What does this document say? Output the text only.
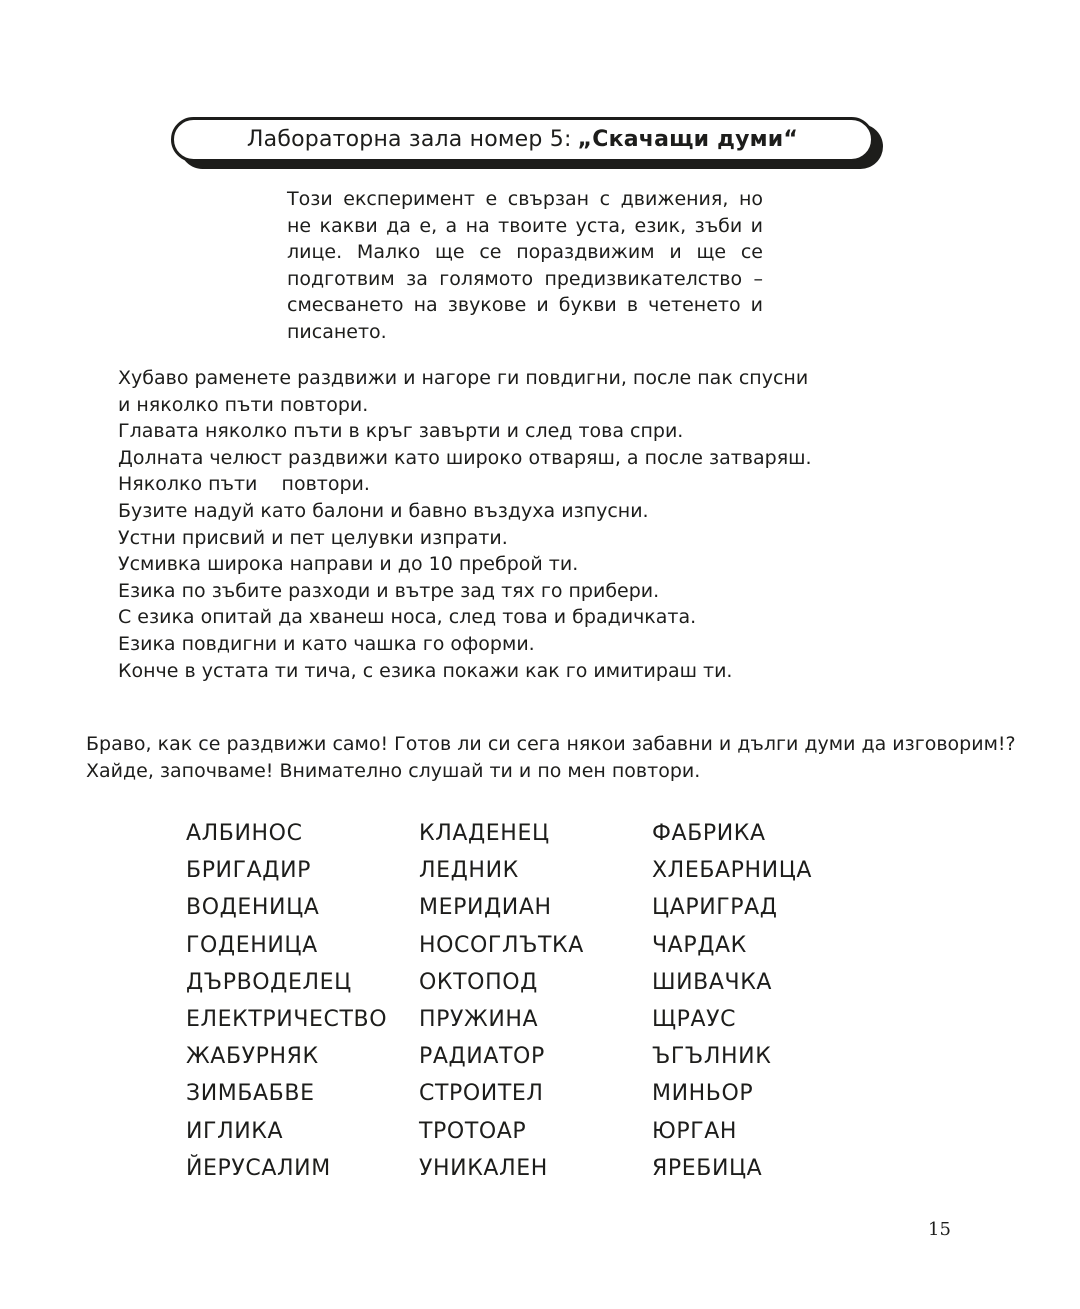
Лабораторна зала номер 5: „Скачащи думи“

Този експеримент е свързан с движения, но не какви да е, а на твоите уста, език, зъби и лице. Малко ще се пораздвижим и ще се подготвим за голямото предизвикателство – смесването на звукове и букви в четенето и писането.

Хубаво раменете раздвижи и нагоре ги повдигни, после пак спусни
и няколко пъти повтори.
Главата няколко пъти в кръг завърти и след това спри.
Долната челюст раздвижи като широко отваряш, а после затваряш.
Няколко пъти    повтори.
Бузите надуй като балони и бавно въздуха изпусни.
Устни присвий и пет целувки изпрати.
Усмивка широка направи и до 10 преброй ти.
Езика по зъбите разходи и вътре зад тях го прибери.
С езика опитай да хванеш носа, след това и брадичката.
Езика повдигни и като чашка го оформи.
Конче в устата ти тича, с езика покажи как го имитираш ти.

Браво, как се раздвижи само! Готов ли си сега някои забавни и дълги думи да изговорим!?
Хайде, започваме! Внимателно слушай ти и по мен повтори.

АЛБИНОС
БРИГАДИР
ВОДЕНИЦА
ГОДЕНИЦА
ДЪРВОДЕЛЕЦ
ЕЛЕКТРИЧЕСТВО
ЖАБУРНЯК
ЗИМБАБВЕ
ИГЛИКА
ЙЕРУСАЛИМ
КЛАДЕНЕЦ
ЛЕДНИК
МЕРИДИАН
НОСОГЛЪТКА
ОКТОПОД
ПРУЖИНА
РАДИАТОР
СТРОИТЕЛ
ТРОТОАР
УНИКАЛЕН
ФАБРИКА
ХЛЕБАРНИЦА
ЦАРИГРАД
ЧАРДАК
ШИВАЧКА
ЩРАУС
ЪГЪЛНИК
МИНЬОР
ЮРГАН
ЯРЕБИЦА
15
